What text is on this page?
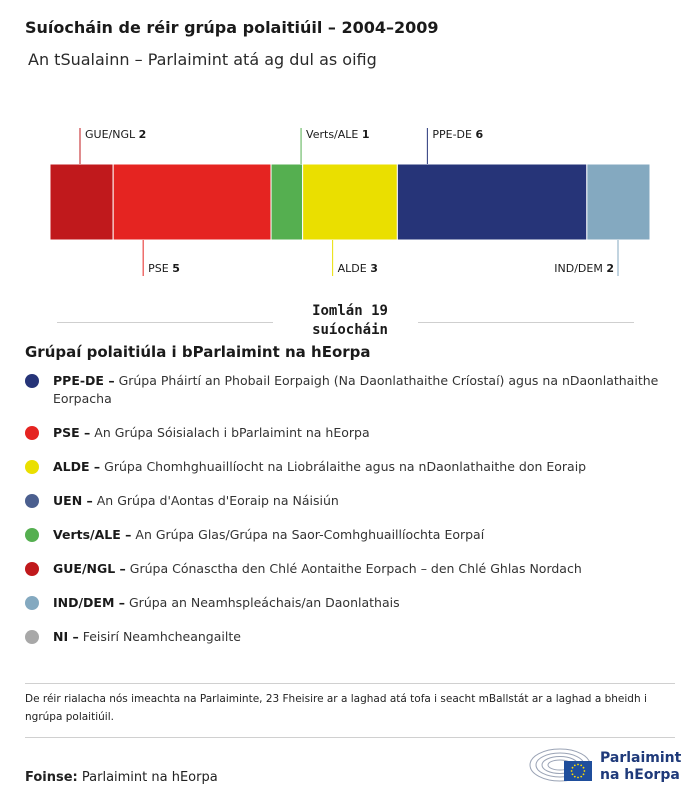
Suíocháin de réir grúpa polaitiúil – 2004–2009
An tSualainn – Parlaimint atá ag dul as oifig
GUE/NGL 2
PSE 5
Verts/ALE 1
ALDE 3
PPE-DE 6
IND/DEM 2
Iomlán 19
suíocháin
Grúpaí polaitiúla i bParlaimint na hEorpa
PPE-DE – Grúpa Pháirtí an Phobail Eorpaigh (Na Daonlathaithe Críostaí) agus na nDaonlathaithe Eorpacha
PSE – An Grúpa Sóisialach i bParlaimint na hEorpa
ALDE – Grúpa Chomhghuaillíocht na Liobrálaithe agus na nDaonlathaithe don Eoraip
UEN – An Grúpa d'Aontas d'Eoraip na Náisiún
Verts/ALE – An Grúpa Glas/Grúpa na Saor-Comhghuaillíochta Eorpaí
GUE/NGL – Grúpa Cónasctha den Chlé Aontaithe Eorpach – den Chlé Ghlas Nordach
IND/DEM – Grúpa an Neamhspleáchais/an Daonlathais
NI – Feisirí Neamhcheangailte
De réir rialacha nós imeachta na Parlaiminte, 23 Fheisire ar a laghad atá tofa i seacht mBallstát ar a laghad a bheidh i ngrúpa polaitiúil.
Foinse: Parlaimint na hEorpa
Parlaimint
na hEorpa
